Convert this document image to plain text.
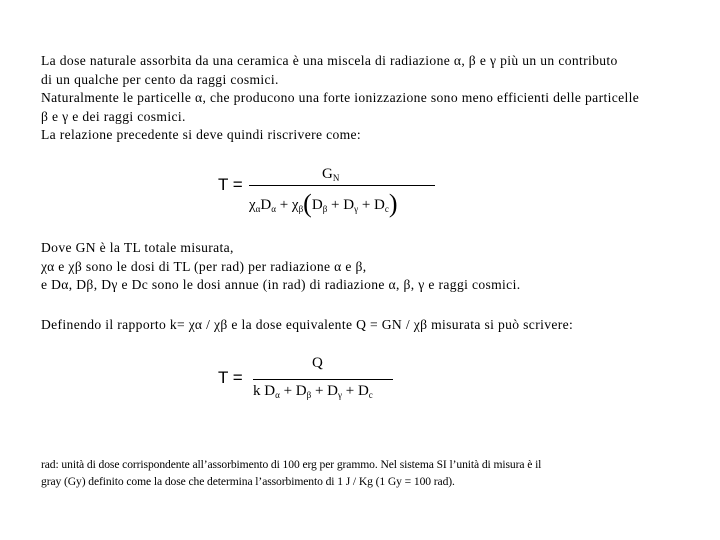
La dose naturale assorbita da una ceramica è una miscela di radiazione α, β e γ più un un contributo
di un qualche per cento da raggi cosmici.
Naturalmente le particelle α, che producono una forte ionizzazione sono meno efficienti delle particelle
β e γ e dei raggi cosmici.
La relazione precedente si deve quindi riscrivere come:
T =
$G_N$
$\chi_\alpha D_\alpha + \chi_\beta(D_\beta + D_\gamma + D_c)$
Dove GN è la TL totale misurata,
χα e χβ sono le dosi di TL (per rad) per radiazione α e β,
e Dα, Dβ, Dγ e Dc sono le dosi annue (in rad) di radiazione α, β, γ e raggi cosmici.
Definendo il rapporto k= χα / χβ e la dose equivalente Q = GN / χβ misurata si può scrivere:
T =
Q
k $D_\alpha + D_\beta + D_\gamma + D_c$
rad: unità di dose corrispondente all’assorbimento di 100 erg per grammo. Nel sistema SI l’unità di misura è il
gray (Gy) definito come la dose che determina l’assorbimento di 1 J / Kg (1 Gy = 100 rad).
